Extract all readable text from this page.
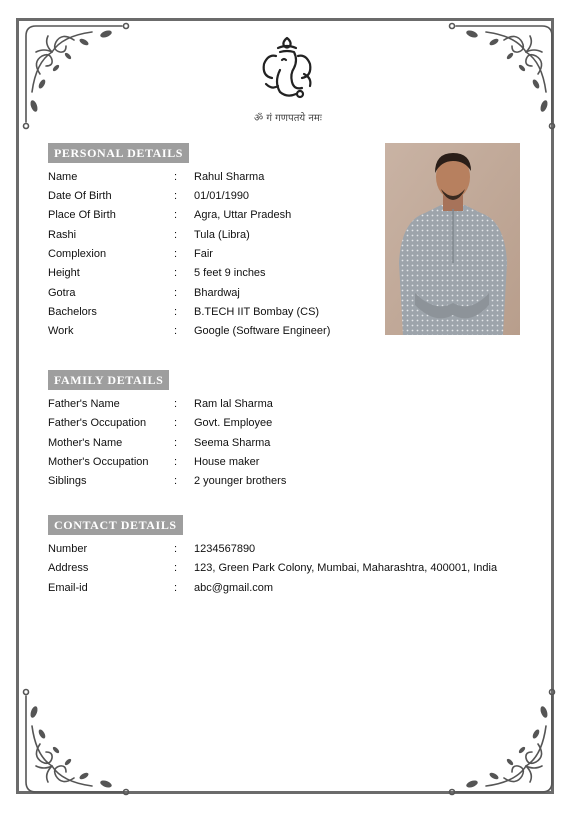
ॐ गं गणपतये नमः
PERSONAL DETAILS
Name	:	Rahul Sharma
Date Of Birth	:	01/01/1990
Place Of Birth	:	Agra, Uttar Pradesh
Rashi	:	Tula (Libra)
Complexion	:	Fair
Height	:	5 feet 9 inches
Gotra	:	Bhardwaj
Bachelors	:	B.TECH IIT Bombay (CS)
Work	:	Google (Software Engineer)
FAMILY DETAILS
Father's Name	:	Ram lal Sharma
Father's Occupation	:	Govt. Employee
Mother's Name	:	Seema Sharma
Mother's Occupation	:	House maker
Siblings	:	2 younger brothers
CONTACT DETAILS
Number	:	1234567890
Address	:	123, Green Park Colony, Mumbai, Maharashtra, 400001, India
Email-id	:	abc@gmail.com
